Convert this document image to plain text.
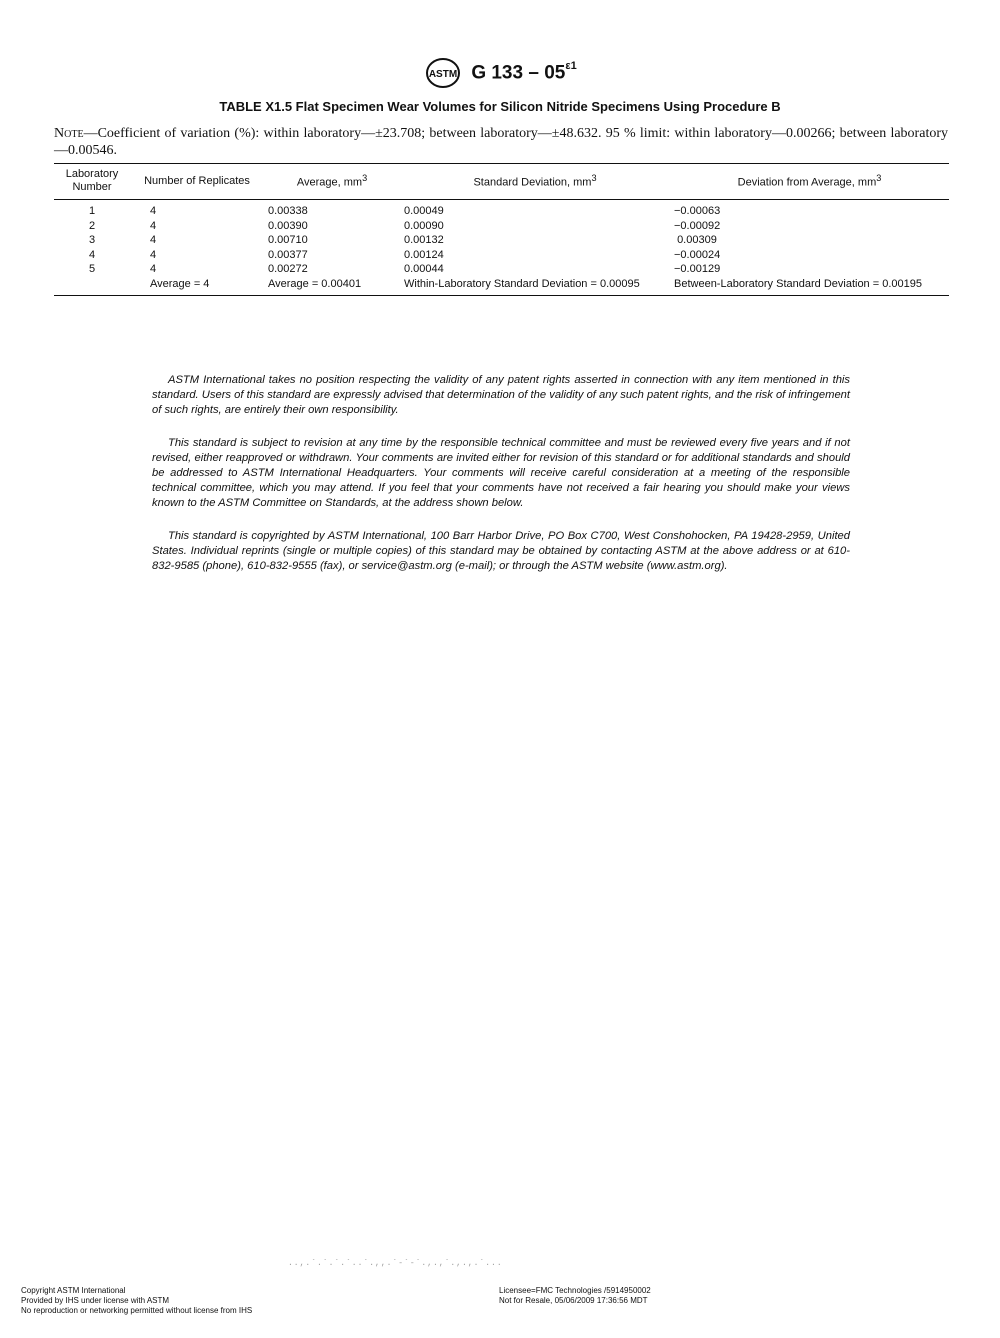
ASTM G $133 - 05^{\varepsilon 1}$
TABLE X1.5 Flat Specimen Wear Volumes for Silicon Nitride Specimens Using Procedure B
Note—Coefficient of variation (%): within laboratory—±23.708; between laboratory—±48.632. 95 % limit: within laboratory—0.00266; between laboratory—0.00546.
Laboratory
Number	Number of Replicates	Average, $mm^3$	Standard Deviation, $mm^3$	Deviation from Average, $mm^3$
1	4	0.00338	0.00049	−0.00063
2	4	0.00390	0.00090	−0.00092
3	4	0.00710	0.00132	0.00309
4	4	0.00377	0.00124	−0.00024
5	4	0.00272	0.00044	−0.00129
	Average = 4	Average = 0.00401	Within-Laboratory Standard Deviation = 0.00095	Between-Laboratory Standard Deviation = 0.00195

ASTM International takes no position respecting the validity of any patent rights asserted in connection with any item mentioned in this standard. Users of this standard are expressly advised that determination of the validity of any such patent rights, and the risk of infringement of such rights, are entirely their own responsibility.

This standard is subject to revision at any time by the responsible technical committee and must be reviewed every five years and if not revised, either reapproved or withdrawn. Your comments are invited either for revision of this standard or for additional standards and should be addressed to ASTM International Headquarters. Your comments will receive careful consideration at a meeting of the responsible technical committee, which you may attend. If you feel that your comments have not received a fair hearing you should make your views known to the ASTM Committee on Standards, at the address shown below.

This standard is copyrighted by ASTM International, 100 Barr Harbor Drive, PO Box C700, West Conshohocken, PA 19428-2959, United States. Individual reprints (single or multiple copies) of this standard may be obtained by contacting ASTM at the above address or at 610-832-9585 (phone), 610-832-9555 (fax), or service@astm.org (e-mail); or through the ASTM website (www.astm.org).

..,.`.`.`.`..`.,,.`-`-`.,.,`.,.,.`...
Copyright ASTM International
Provided by IHS under license with ASTM
No reproduction or networking permitted without license from IHS
Licensee=FMC Technologies /5914950002
Not for Resale, 05/06/2009 17:36:56 MDT
